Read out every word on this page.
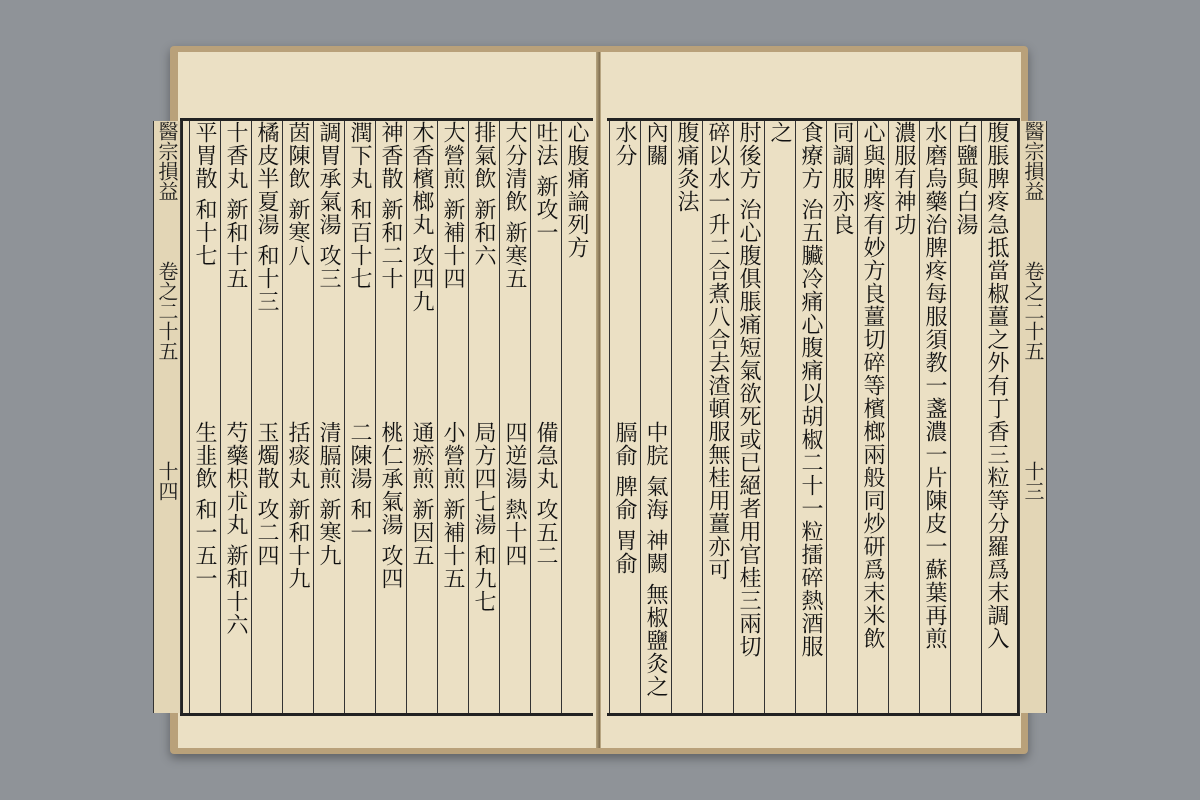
醫宗損益卷之二十五十四
平胃散 和十七
生韭飲 和一五一
十香丸 新和十五
芍藥枳朮丸 新和十六
橘皮半夏湯 和十三
玉燭散 攻二四
茵陳飲 新寒八
括痰丸 新和十九
調胃承氣湯 攻三
清膈煎 新寒九
潤下丸 和百十七
二陳湯 和一
神香散 新和二十
桃仁承氣湯 攻四
木香檳榔丸 攻四九
通瘀煎 新因五
大營煎 新補十四
小營煎 新補十五
排氣飲 新和六
局方四七湯 和九七
大分清飲 新寒五
四逆湯 熱十四
吐法 新攻一
備急丸 攻五二
心腹痛論列方	醫宗損益卷之二十五十三
腹脹脾疼急抵當椒薑之外有丁香三粒等分羅爲末調入
白鹽與白湯
水磨烏藥治脾疼每服須教一盞濃一片陳皮一蘇葉再煎
濃服有神功
心與脾疼有妙方良薑切碎等檳榔兩般同炒研爲末米飲
同調服亦良
食療方 治五臟冷痛心腹痛以胡椒二十一粒擂碎熱酒服
之
肘後方 治心腹俱脹痛短氣欲死或已絕者用官桂三兩切
碎以水一升二合煮八合去渣頓服無桂用薑亦可
腹痛灸法
內關
中脘 氣海 神闕 無椒鹽灸之
水分
膈俞 脾俞 胃俞
